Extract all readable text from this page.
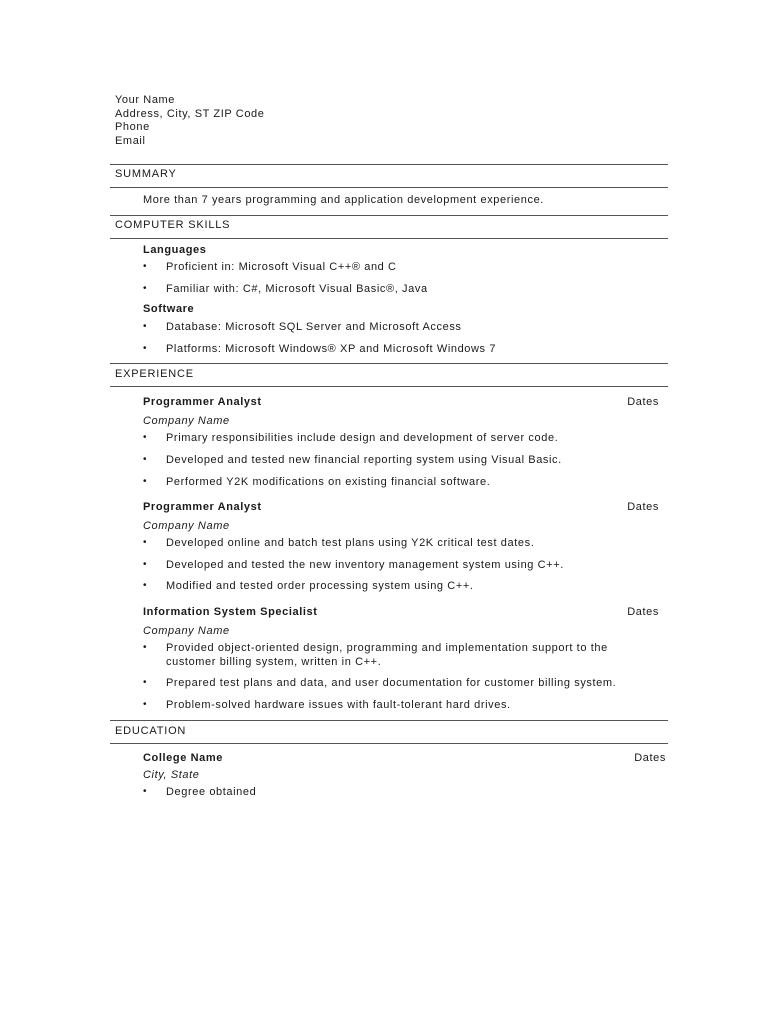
Your Name
Address, City, ST ZIP Code
Phone
Email
SUMMARY
More than 7 years programming and application development experience.
COMPUTER SKILLS
Languages
• Proficient in: Microsoft Visual C++® and C
• Familiar with: C#, Microsoft Visual Basic®, Java
Software
• Database: Microsoft SQL Server and Microsoft Access
• Platforms: Microsoft Windows® XP and Microsoft Windows 7
EXPERIENCE
Programmer Analyst	Dates
Company Name
• Primary responsibilities include design and development of server code.
• Developed and tested new financial reporting system using Visual Basic.
• Performed Y2K modifications on existing financial software.
Programmer Analyst	Dates
Company Name
• Developed online and batch test plans using Y2K critical test dates.
• Developed and tested the new inventory management system using C++.
• Modified and tested order processing system using C++.
Information System Specialist	Dates
Company Name
• Provided object-oriented design, programming and implementation support to the customer billing system, written in C++.
• Prepared test plans and data, and user documentation for customer billing system.
• Problem-solved hardware issues with fault-tolerant hard drives.
EDUCATION
College Name	Dates
City, State
• Degree obtained
